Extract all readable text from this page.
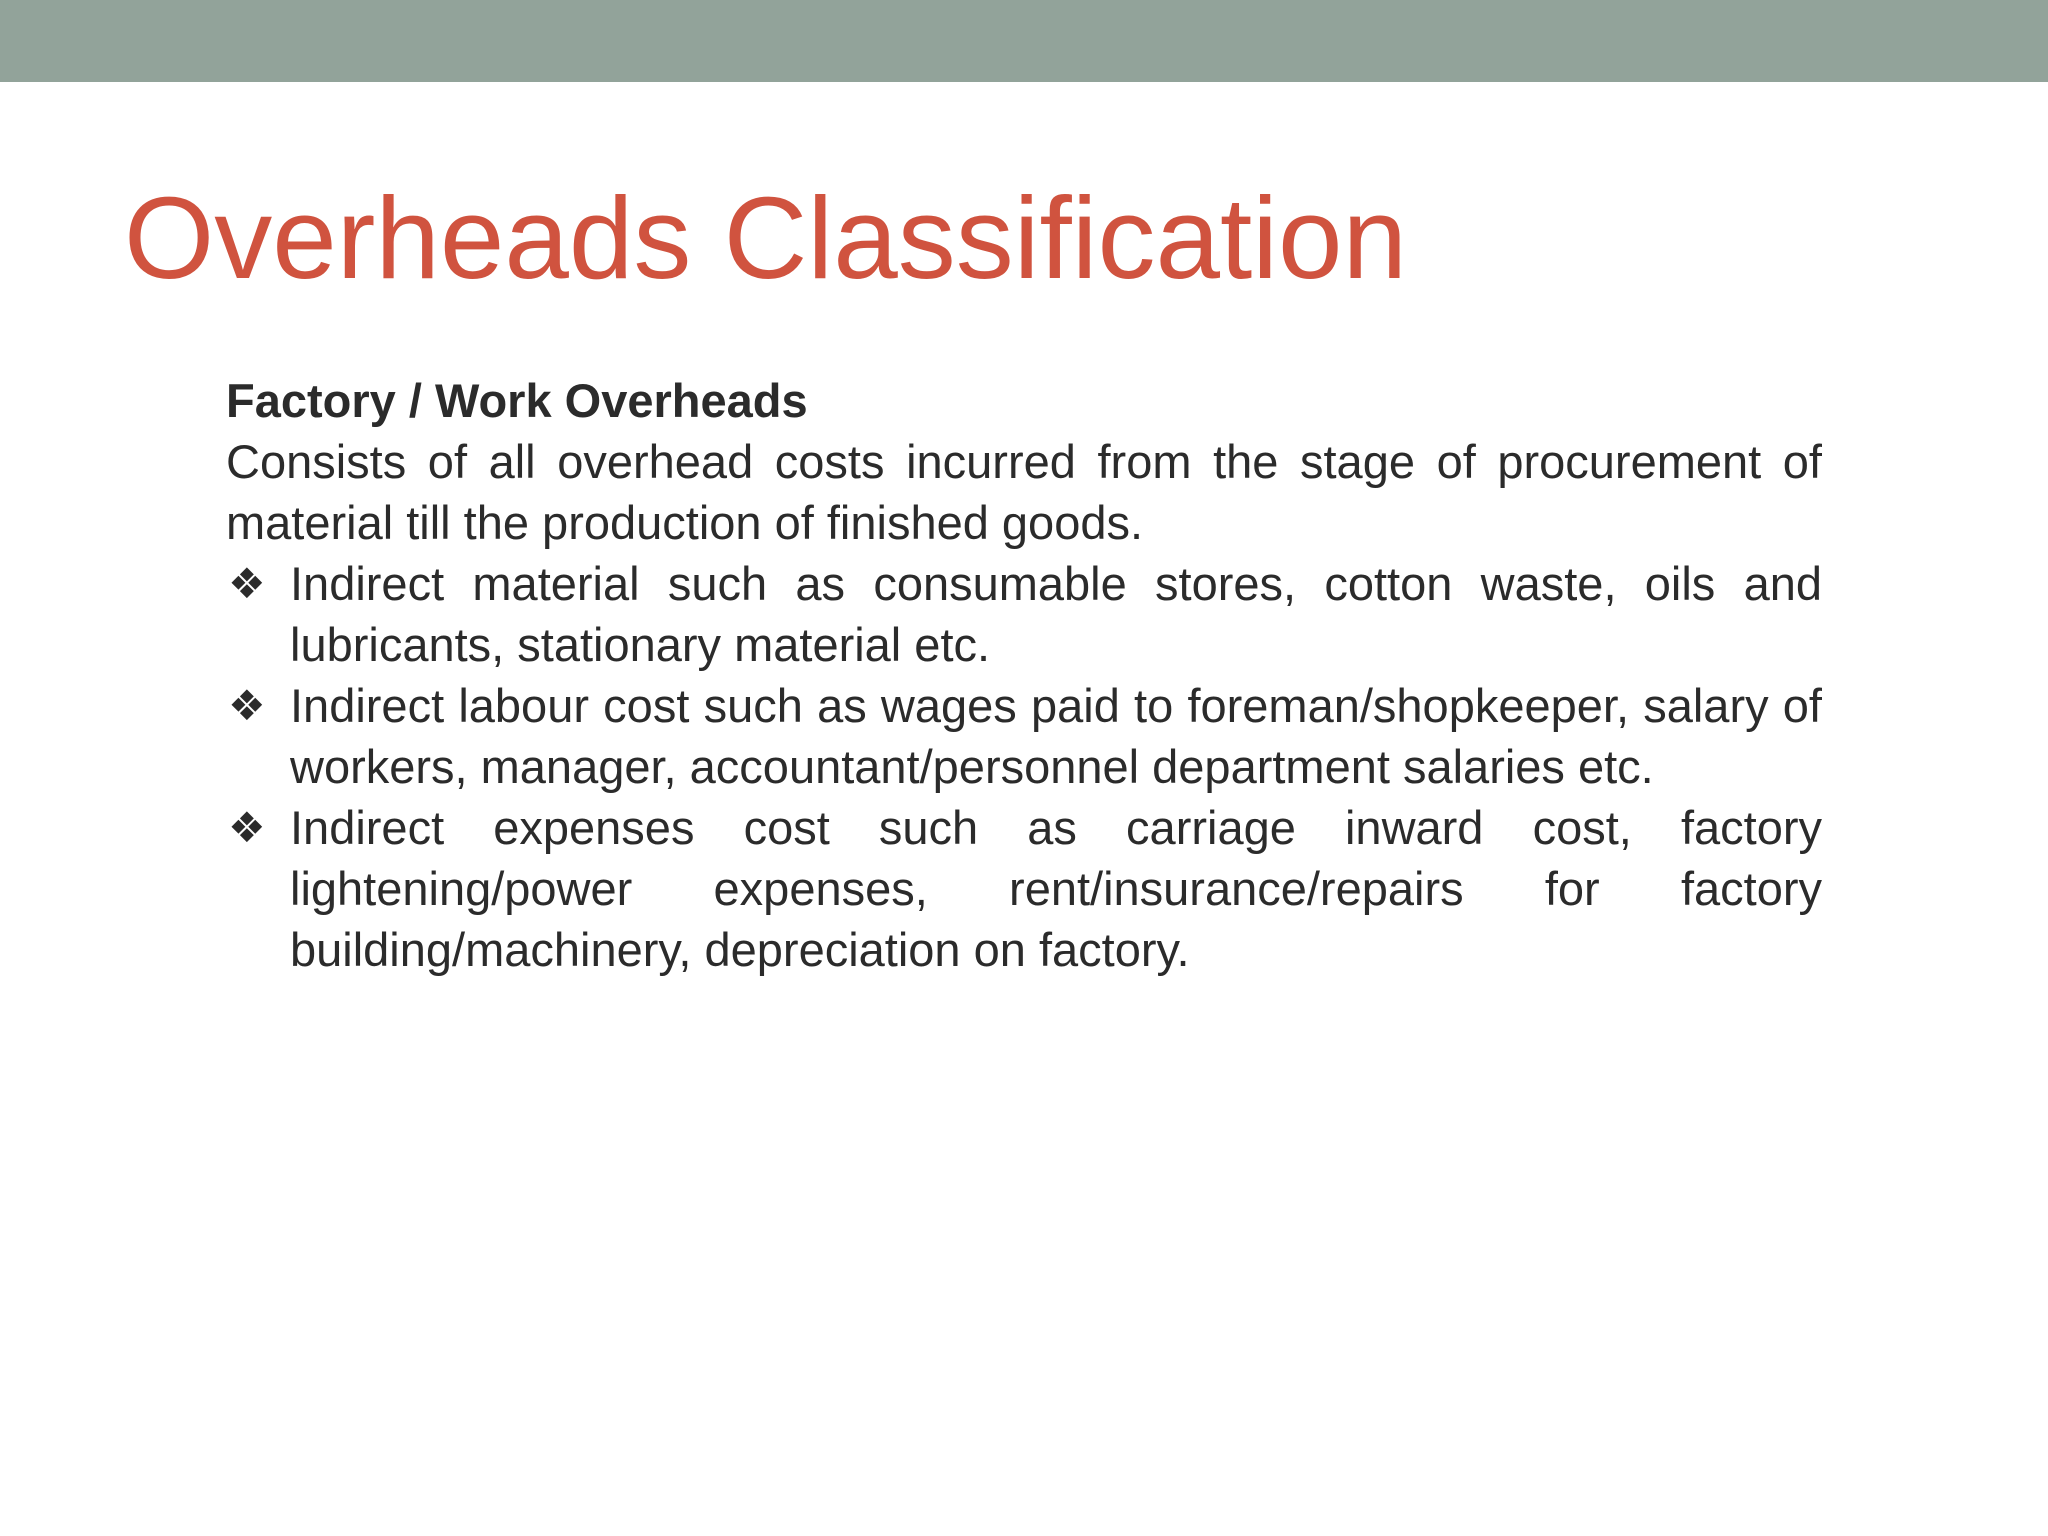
Overheads Classification

Factory / Work Overheads

Consists of all overhead costs incurred from the stage of procurement of material till the production of finished goods.

❖ Indirect material such as consumable stores, cotton waste, oils and lubricants, stationary material etc.
❖ Indirect labour cost such as wages paid to foreman/shopkeeper, salary of workers, manager, accountant/personnel department salaries etc.
❖ Indirect expenses cost such as carriage inward cost, factory lightening/power expenses, rent/insurance/repairs for factory building/machinery, depreciation on factory.
